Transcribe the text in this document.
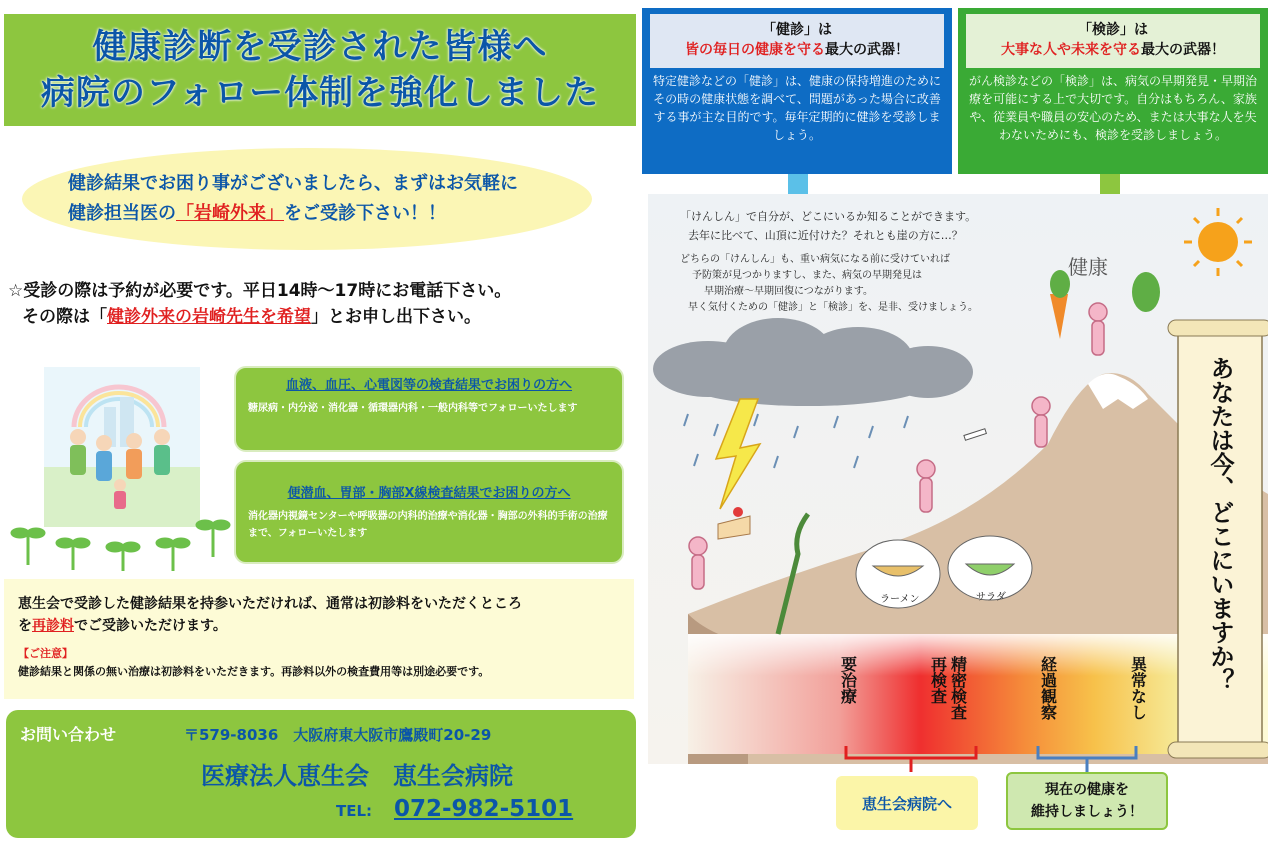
健康診断を受診された皆様へ
病院のフォロー体制を強化しました
健診結果でお困り事がございましたら、まずはお気軽に
健診担当医の「岩崎外来」をご受診下さい！！
☆受診の際は予約が必要です。平日14時～17時にお電話下さい。
その際は「健診外来の岩崎先生を希望」とお申し出下さい。
血液、血圧、心電図等の検査結果でお困りの方へ
糖尿病・内分泌・消化器・循環器内科・一般内科等でフォローいたします
便潜血、胃部・胸部X線検査結果でお困りの方へ
消化器内視鏡センターや呼吸器の内科的治療や消化器・胸部の外科的手術の治療まで、フォローいたします
恵生会で受診した健診結果を持参いただければ、通常は初診料をいただくところ
を再診料でご受診いただけます。
【ご注意】
健診結果と関係の無い治療は初診料をいただきます。再診料以外の検査費用等は別途必要です。
お問い合わせ	〒579-8036　大阪府東大阪市鷹殿町20-29
医療法人恵生会　恵生会病院
TEL: 072-982-5101
「健診」は
皆の毎日の健康を守る最大の武器！
特定健診などの「健診」は、健康の保持増進のためにその時の健康状態を調べて、問題があった場合に改善する事が主な目的です。毎年定期的に健診を受診しましょう。
「検診」は
大事な人や未来を守る最大の武器！
がん検診などの「検診」は、病気の早期発見・早期治療を可能にする上で大切です。自分はもちろん、家族や、従業員や職員の安心のため、または大事な人を失わないためにも、検診を受診しましょう。
「けんしん」で自分が、どこにいるか知ることができます。
去年に比べて、山頂に近付けた？それとも崖の方に…？
どちらの「けんしん」も、重い病気になる前に受けていれば
予防策が見つかりますし、また、病気の早期発見は
早期治療～早期回復につながります。
早く気付くための「健診」と「検診」を、是非、受けましょう。
健康
ラーメン	サラダ	あなたは今、どこにいますか？
要治療	精密検査
再検査	経過観察	異常なし
恵生会病院へ
現在の健康を
維持しましょう！
